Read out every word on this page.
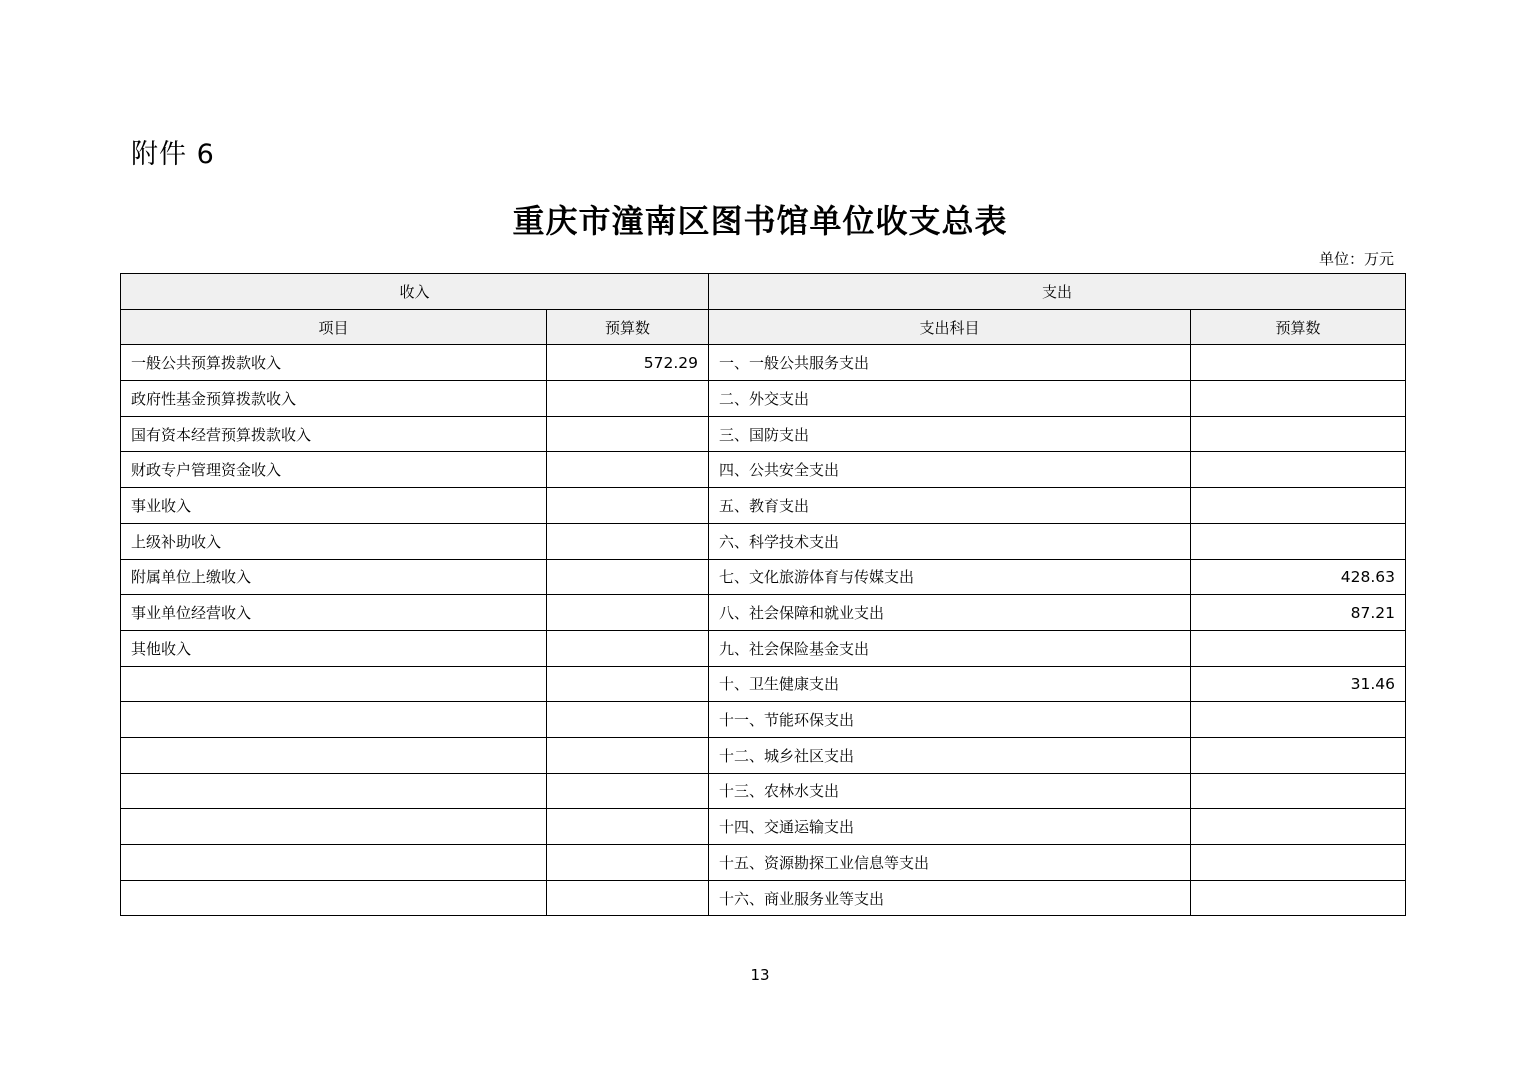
附件 6
重庆市潼南区图书馆单位收支总表
单位：万元
收入		支出	
项目	预算数	支出科目	预算数
一般公共预算拨款收入	572.29	一、一般公共服务支出	
政府性基金预算拨款收入		二、外交支出	
国有资本经营预算拨款收入		三、国防支出	
财政专户管理资金收入		四、公共安全支出	
事业收入		五、教育支出	
上级补助收入		六、科学技术支出	
附属单位上缴收入		七、文化旅游体育与传媒支出	428.63
事业单位经营收入		八、社会保障和就业支出	87.21
其他收入		九、社会保险基金支出	
		十、卫生健康支出	31.46
		十一、节能环保支出	
		十二、城乡社区支出	
		十三、农林水支出	
		十四、交通运输支出	
		十五、资源勘探工业信息等支出	
		十六、商业服务业等支出	
13
